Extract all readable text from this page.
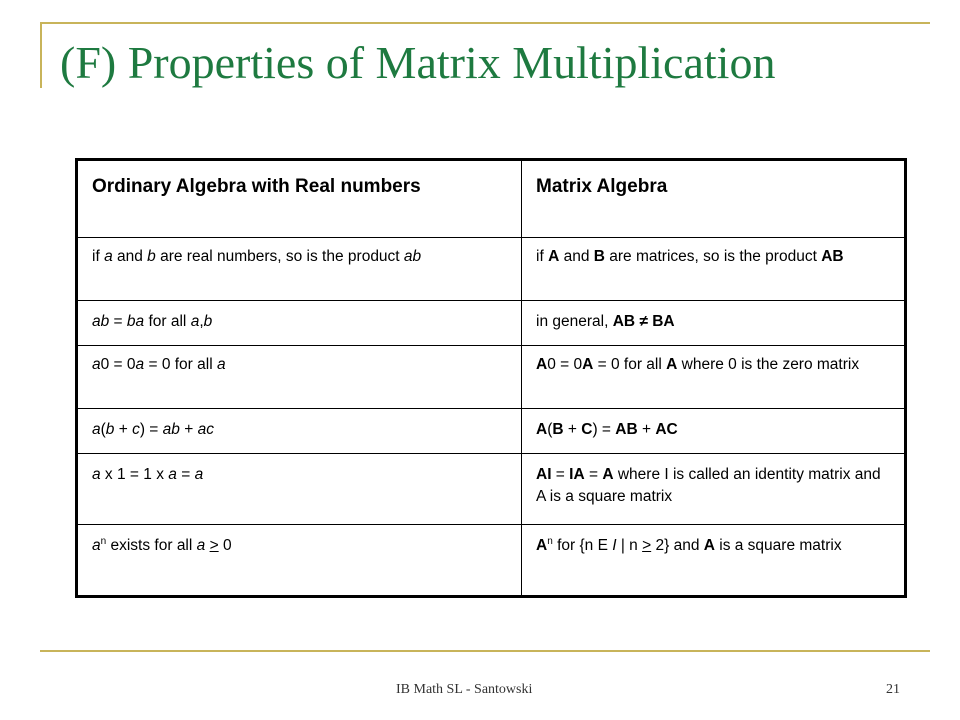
(F) Properties of Matrix Multiplication
Ordinary Algebra with Real numbers	Matrix Algebra
if a and b are real numbers, so is the product ab	if A and B are matrices, so is the product AB
ab = ba for all a,b	in general, AB ≠ BA
a0 = 0a = 0 for all a	A0 = 0A = 0 for all A where 0 is the zero matrix
a(b + c) = ab + ac	A(B + C) = AB + AC
a x 1 = 1 x a = a	AI = IA = A where I is called an identity matrix and A is a square matrix
$a^n$ exists for all a > 0	$A^n$ for {n E I | n > 2} and A is a square matrix
IB Math SL - Santowski	21
